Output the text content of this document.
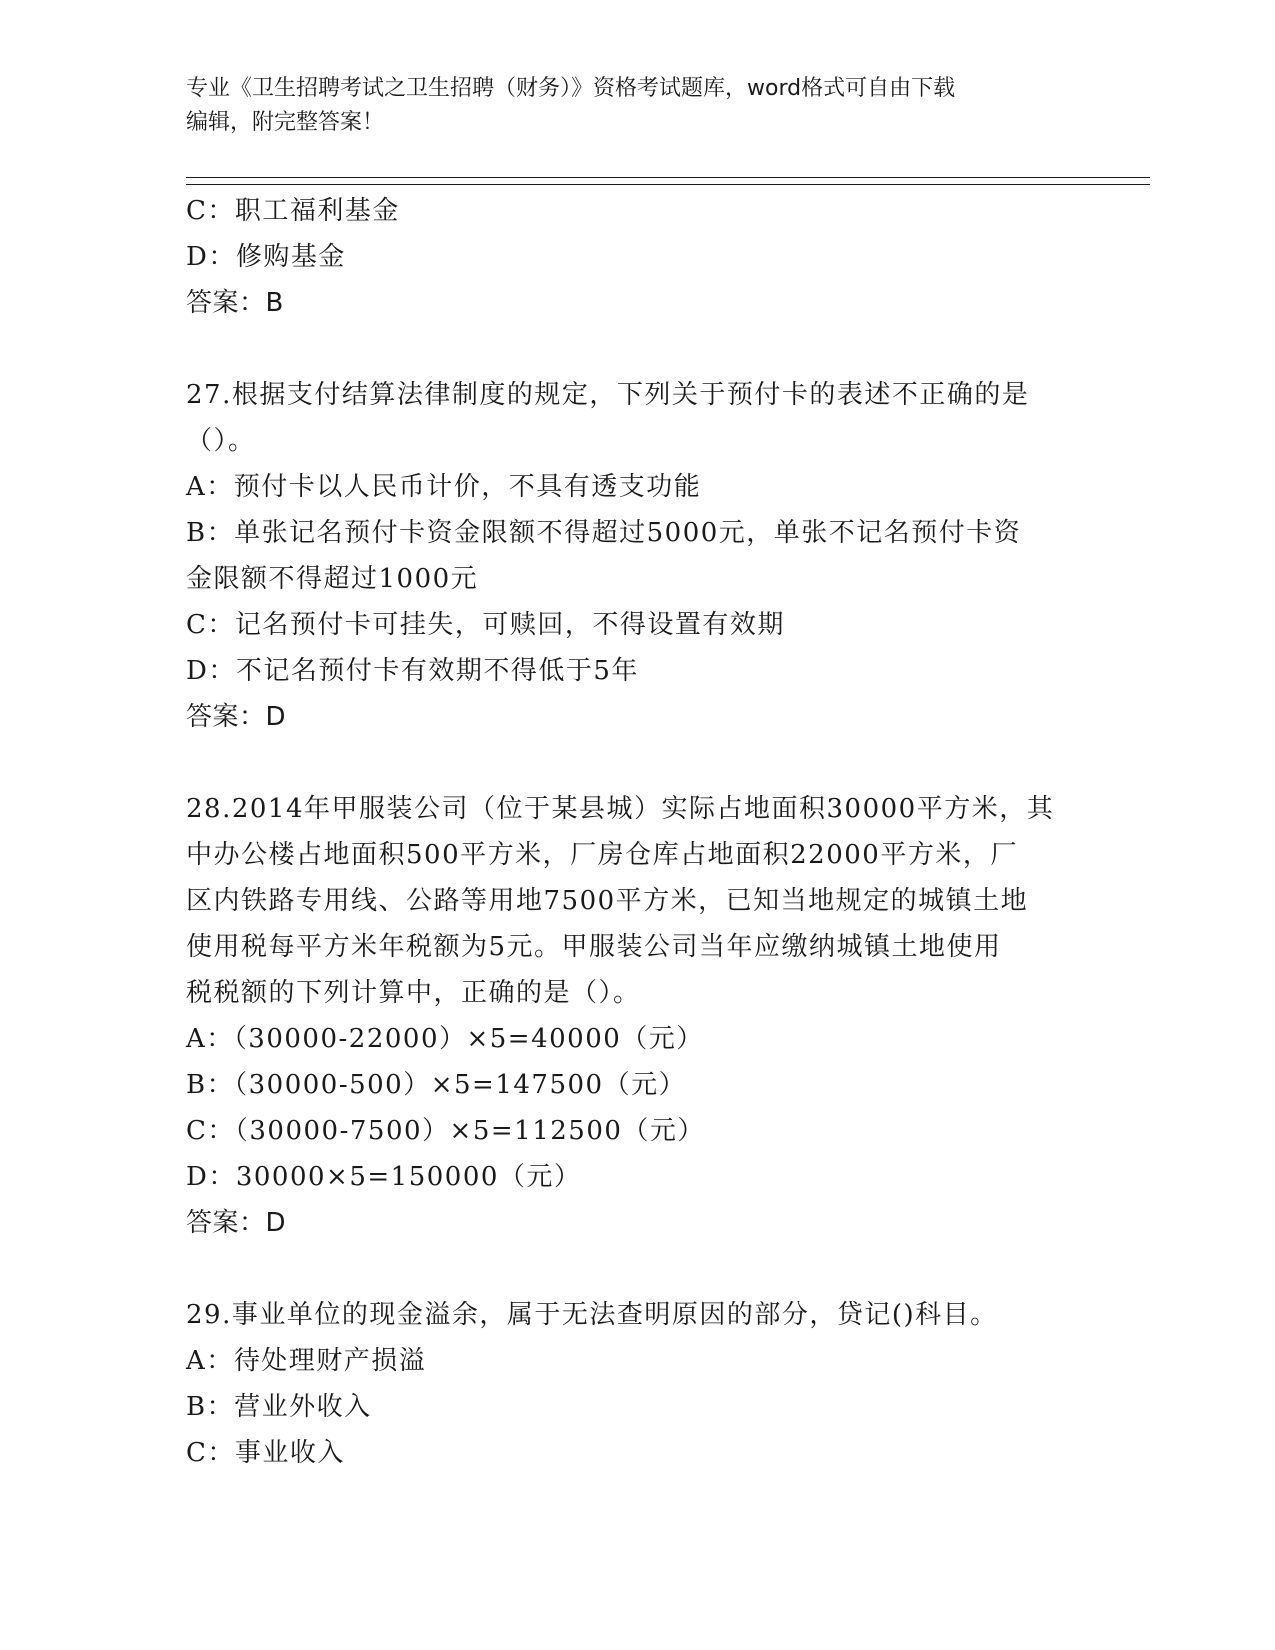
专业《卫生招聘考试之卫生招聘（财务）》资格考试题库，word格式可自由下载
编辑，附完整答案！
C：职工福利基金
D：修购基金
答案：B
27.根据支付结算法律制度的规定，下列关于预付卡的表述不正确的是
（）。
A：预付卡以人民币计价，不具有透支功能
B：单张记名预付卡资金限额不得超过5000元，单张不记名预付卡资
金限额不得超过1000元
C：记名预付卡可挂失，可赎回，不得设置有效期
D：不记名预付卡有效期不得低于5年
答案：D
28.2014年甲服装公司（位于某县城）实际占地面积30000平方米，其
中办公楼占地面积500平方米，厂房仓库占地面积22000平方米，厂
区内铁路专用线、公路等用地7500平方米，已知当地规定的城镇土地
使用税每平方米年税额为5元。甲服装公司当年应缴纳城镇土地使用
税税额的下列计算中，正确的是（）。
A：（30000-22000）×5=40000（元）
B：（30000-500）×5=147500（元）
C：（30000-7500）×5=112500（元）
D：30000×5=150000（元）
答案：D
29.事业单位的现金溢余，属于无法查明原因的部分，贷记()科目。
A：待处理财产损溢
B：营业外收入
C：事业收入
